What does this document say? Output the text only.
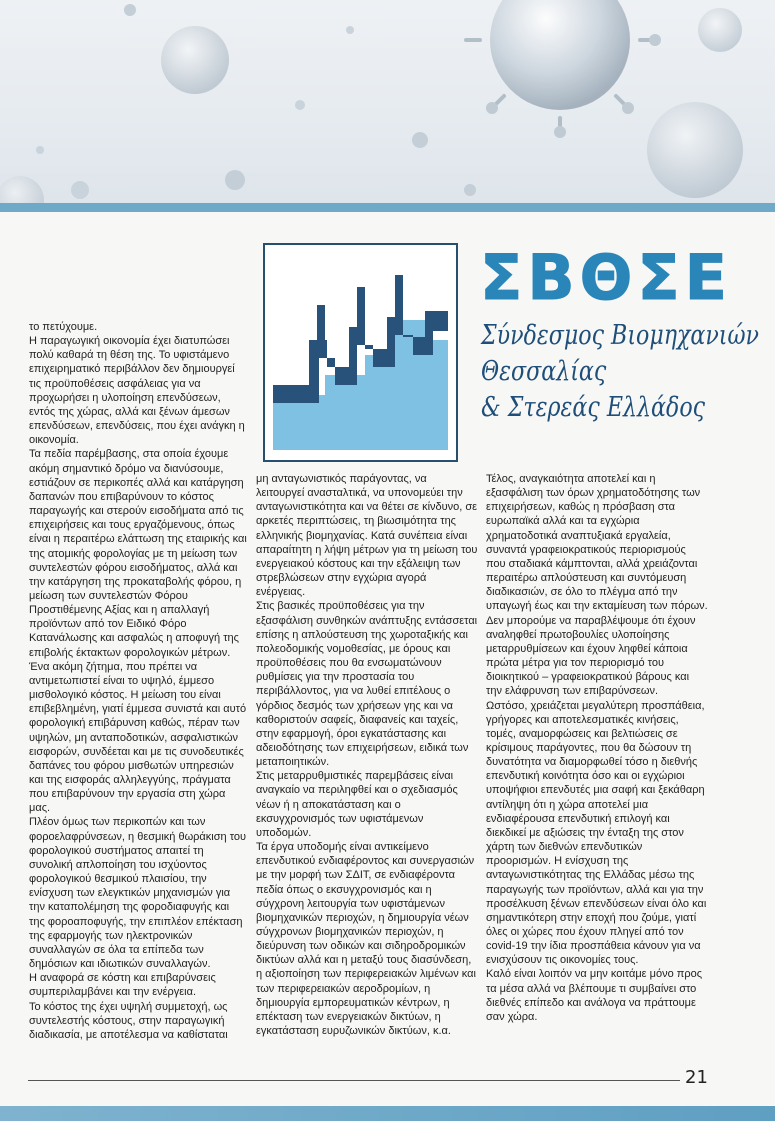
ΣΒΘΣΕ
Σύνδεσμος Βιομηχανιών
Θεσσαλίας
& Στερεάς Ελλάδος

το πετύχουμε.

Η παραγωγική οικονομία έχει διατυπώσει πολύ καθαρά τη θέση της. Το υφιστάμενο επιχειρηματικό περιβάλλον δεν δημιουργεί τις προϋποθέσεις ασφάλειας για να προχωρήσει η υλοποίηση επενδύσεων, εντός της χώρας, αλλά και ξένων άμεσων επενδύσεων, επενδύσεις, που έχει ανάγκη η οικονομία.

Τα πεδία παρέμβασης, στα οποία έχουμε ακόμη σημαντικό δρόμο να διανύσουμε, εστιάζουν σε περικοπές αλλά και κατάργηση δαπανών που επιβαρύνουν το κόστος παραγωγής και στερούν εισοδήματα από τις επιχειρήσεις και τους εργαζόμενους, όπως είναι η περαιτέρω ελάττωση της εταιρικής και της ατομικής φορολογίας με τη μείωση των συντελεστών φόρου εισοδήματος, αλλά και την κατάργηση της προκαταβολής φόρου, η μείωση των συντελεστών Φόρου Προστιθέμενης Αξίας και η απαλλαγή προϊόντων από τον Ειδικό Φόρο Κατανάλωσης και ασφαλώς η αποφυγή της επιβολής έκτακτων φορολογικών μέτρων. Ένα ακόμη ζήτημα, που πρέπει να αντιμετωπιστεί είναι το υψηλό, έμμεσο μισθολογικό κόστος. Η μείωση του είναι επιβεβλημένη, γιατί έμμεσα συνιστά και αυτό φορολογική επιβάρυνση καθώς, πέραν των υψηλών, μη ανταποδοτικών, ασφαλιστικών εισφορών, συνδέεται και με τις συνοδευτικές δαπάνες του φόρου μισθωτών υπηρεσιών και της εισφοράς αλληλεγγύης, πράγματα που επιβαρύνουν την εργασία στη χώρα μας.

Πλέον όμως των περικοπών και των φοροελαφρύνσεων, η θεσμική θωράκιση του φορολογικού συστήματος απαιτεί τη συνολική απλοποίηση του ισχύοντος φορολογικού θεσμικού πλαισίου, την ενίσχυση των ελεγκτικών μηχανισμών για την καταπολέμηση της φοροδιαφυγής και της φοροαποφυγής, την επιπλέον επέκταση της εφαρμογής των ηλεκτρονικών συναλλαγών σε όλα τα επίπεδα των δημόσιων και ιδιωτικών συναλλαγών.

Η αναφορά σε κόστη και επιβαρύνσεις συμπεριλαμβάνει και την ενέργεια.

Το κόστος της έχει υψηλή συμμετοχή, ως συντελεστής κόστους, στην παραγωγική διαδικασία, με αποτέλεσμα να καθίσταται

μη ανταγωνιστικός παράγοντας, να λειτουργεί ανασταλτικά, να υπονομεύει την ανταγωνιστικότητα και να θέτει σε κίνδυνο, σε αρκετές περιπτώσεις, τη βιωσιμότητα της ελληνικής βιομηχανίας. Κατά συνέπεια είναι απαραίτητη η λήψη μέτρων για τη μείωση του ενεργειακού κόστους και την εξάλειψη των στρεβλώσεων στην εγχώρια αγορά ενέργειας.

Στις βασικές προϋποθέσεις για την εξασφάλιση συνθηκών ανάπτυξης εντάσσεται επίσης η απλούστευση της χωροταξικής και πολεοδομικής νομοθεσίας, με όρους και προϋποθέσεις που θα ενσωματώνουν ρυθμίσεις για την προστασία του περιβάλλοντος, για να λυθεί επιτέλους ο γόρδιος δεσμός των χρήσεων γης και να καθοριστούν σαφείς, διαφανείς και ταχείς, στην εφαρμογή, όροι εγκατάστασης και αδειοδότησης των επιχειρήσεων, ειδικά των μεταποιητικών.

Στις μεταρρυθμιστικές παρεμβάσεις είναι αναγκαίο να περιληφθεί και ο σχεδιασμός νέων ή η αποκατάσταση και ο εκσυγχρονισμός των υφιστάμενων υποδομών.

Τα έργα υποδομής είναι αντικείμενο επενδυτικού ενδιαφέροντος και συνεργασιών με την μορφή των ΣΔΙΤ, σε ενδιαφέροντα πεδία όπως ο εκσυγχρονισμός και η σύγχρονη λειτουργία των υφιστάμενων βιομηχανικών περιοχών, η δημιουργία νέων σύγχρονων βιομηχανικών περιοχών, η διεύρυνση των οδικών και σιδηροδρομικών δικτύων αλλά και η μεταξύ τους διασύνδεση, η αξιοποίηση των περιφερειακών λιμένων και των περιφερειακών αεροδρομίων, η δημιουργία εμπορευματικών κέντρων, η επέκταση των ενεργειακών δικτύων, η εγκατάσταση ευρυζωνικών δικτύων, κ.α.

Τέλος, αναγκαιότητα αποτελεί και η εξασφάλιση των όρων χρηματοδότησης των επιχειρήσεων, καθώς η πρόσβαση στα ευρωπαϊκά αλλά και τα εγχώρια χρηματοδοτικά αναπτυξιακά εργαλεία, συναντά γραφειοκρατικούς περιορισμούς που σταδιακά κάμπτονται, αλλά χρειάζονται περαιτέρω απλούστευση και συντόμευση διαδικασιών, σε όλο το πλέγμα από την υπαγωγή έως και την εκταμίευση των πόρων.

Δεν μπορούμε να παραβλέψουμε ότι έχουν αναληφθεί πρωτοβουλίες υλοποίησης μεταρρυθμίσεων και έχουν ληφθεί κάποια πρώτα μέτρα για τον περιορισμό του διοικητικού – γραφειοκρατικού βάρους και την ελάφρυνση των επιβαρύνσεων.

Ωστόσο, χρειάζεται μεγαλύτερη προσπάθεια, γρήγορες και αποτελεσματικές κινήσεις, τομές, αναμορφώσεις και βελτιώσεις σε κρίσιμους παράγοντες, που θα δώσουν τη δυνατότητα να διαμορφωθεί τόσο η διεθνής επενδυτική κοινότητα όσο και οι εγχώριοι υποψήφιοι επενδυτές μια σαφή και ξεκάθαρη αντίληψη ότι η χώρα αποτελεί μια ενδιαφέρουσα επενδυτική επιλογή και διεκδικεί με αξιώσεις την ένταξη της στον χάρτη των διεθνών επενδυτικών προορισμών. Η ενίσχυση της ανταγωνιστικότητας της Ελλάδας μέσω της παραγωγής των προϊόντων, αλλά και για την προσέλκυση ξένων επενδύσεων είναι όλο και σημαντικότερη στην εποχή που ζούμε, γιατί όλες οι χώρες που έχουν πληγεί από τον covid-19 την ίδια προσπάθεια κάνουν για να ενισχύσουν τις οικονομίες τους.

Καλό είναι λοιπόν να μην κοιτάμε μόνο προς τα μέσα αλλά να βλέπουμε τι συμβαίνει στο διεθνές επίπεδο και ανάλογα να πράττουμε σαν χώρα.

21
